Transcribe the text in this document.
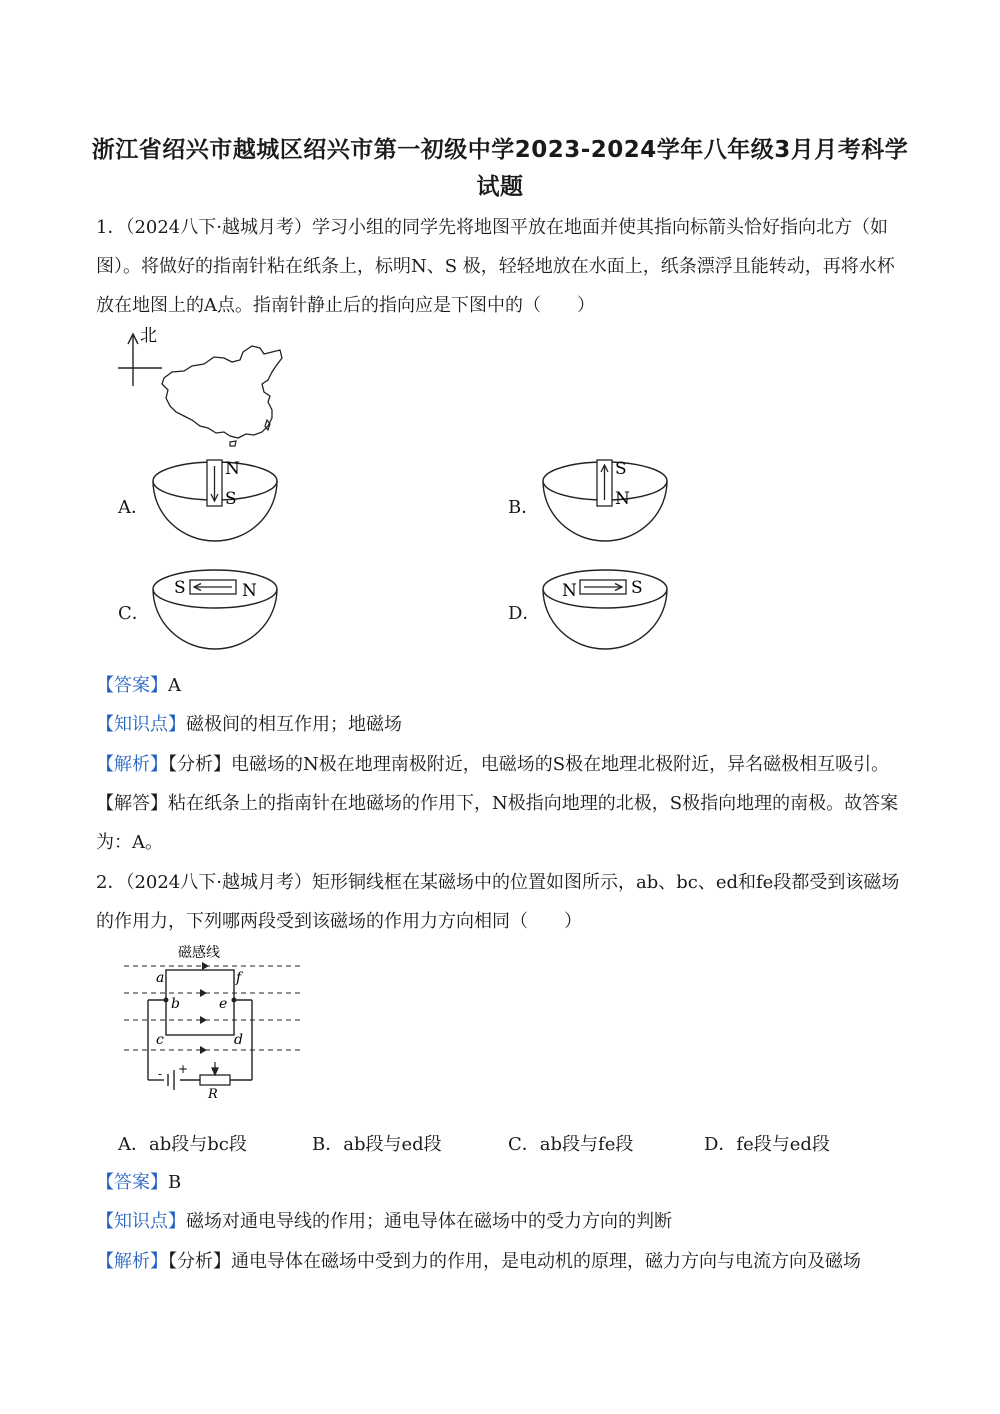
浙江省绍兴市越城区绍兴市第一初级中学2023-2024学年八年级3月月考科学
试题
1．（2024八下·越城月考）学习小组的同学先将地图平放在地面并使其指向标箭头恰好指向北方（如图）。将做好的指南针粘在纸条上，标明N、S 极，轻轻地放在水面上，纸条漂浮且能转动，再将水杯放在地图上的A点。指南针静止后的指向应是下图中的（　　）
北
A．
N
S	B．
S
N
C．
S	N
D．
N	S
【答案】A
【知识点】磁极间的相互作用；地磁场
【解析】【分析】电磁场的N极在地理南极附近，电磁场的S极在地理北极附近，异名磁极相互吸引。【解答】粘在纸条上的指南针在地磁场的作用下，N极指向地理的北极，S极指向地理的南极。故答案为：A。
2．（2024八下·越城月考）矩形铜线框在某磁场中的位置如图所示，ab、bc、ed和fe段都受到该磁场的作用力，下列哪两段受到该磁场的作用力方向相同（　　）
磁感线
- +
R
a
b
c	d
e
f
A．ab段与bc段	B．ab段与ed段	C．ab段与fe段	D．fe段与ed段
【答案】B
【知识点】磁场对通电导线的作用；通电导体在磁场中的受力方向的判断
【解析】【分析】通电导体在磁场中受到力的作用，是电动机的原理，磁力方向与电流方向及磁场
